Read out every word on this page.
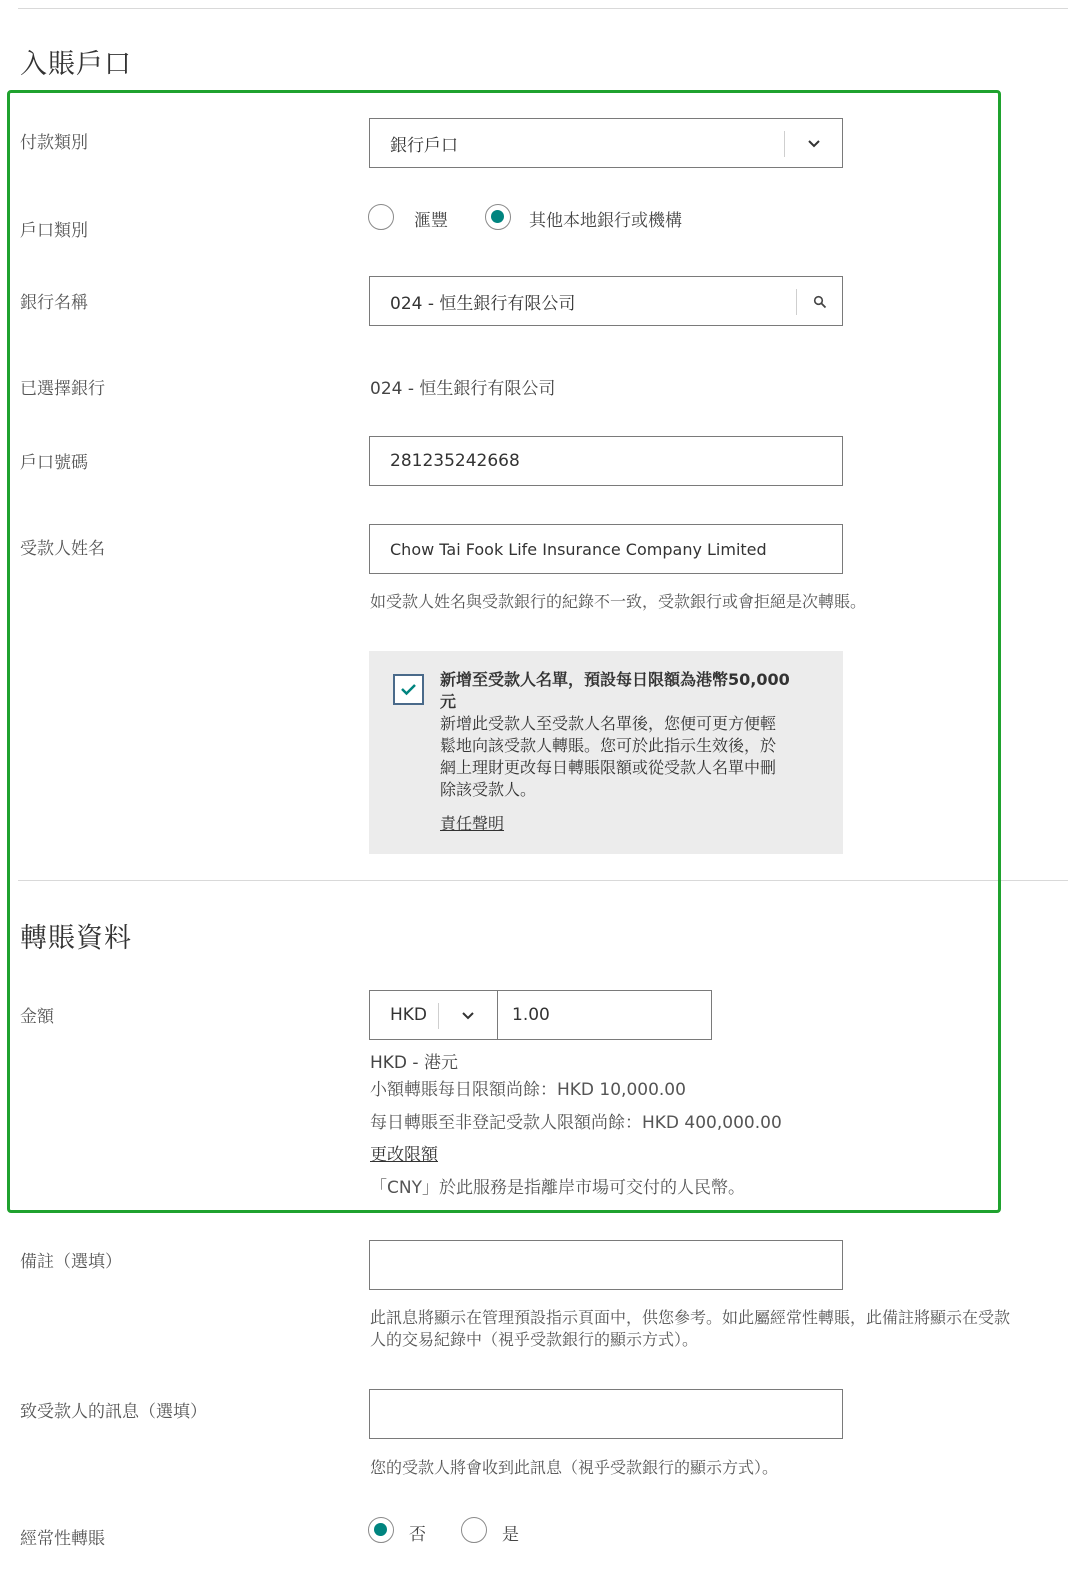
入賬戶口
付款類別	銀行戶口
戶口類別	滙豐	其他本地銀行或機構
銀行名稱	024 - 恒生銀行有限公司
已選擇銀行	024 - 恒生銀行有限公司
戶口號碼	281235242668
受款人姓名	Chow Tai Fook Life Insurance Company Limited
如受款人姓名與受款銀行的紀錄不一致，受款銀行或會拒絕是次轉賬。
新增至受款人名單，預設每日限額為港幣50,000
元
新增此受款人至受款人名單後，您便可更方便輕
鬆地向該受款人轉賬。您可於此指示生效後，於
網上理財更改每日轉賬限額或從受款人名單中刪
除該受款人。
責任聲明
轉賬資料
金額	HKD	1.00
HKD - 港元
小額轉賬每日限額尚餘：HKD 10,000.00
每日轉賬至非登記受款人限額尚餘：HKD 400,000.00
更改限額
「CNY」於此服務是指離岸市場可交付的人民幣。
備註（選填）
此訊息將顯示在管理預設指示頁面中，供您參考。如此屬經常性轉賬，此備註將顯示在受款
人的交易紀錄中（視乎受款銀行的顯示方式）。
致受款人的訊息（選填）
您的受款人將會收到此訊息（視乎受款銀行的顯示方式）。
經常性轉賬	否	是
